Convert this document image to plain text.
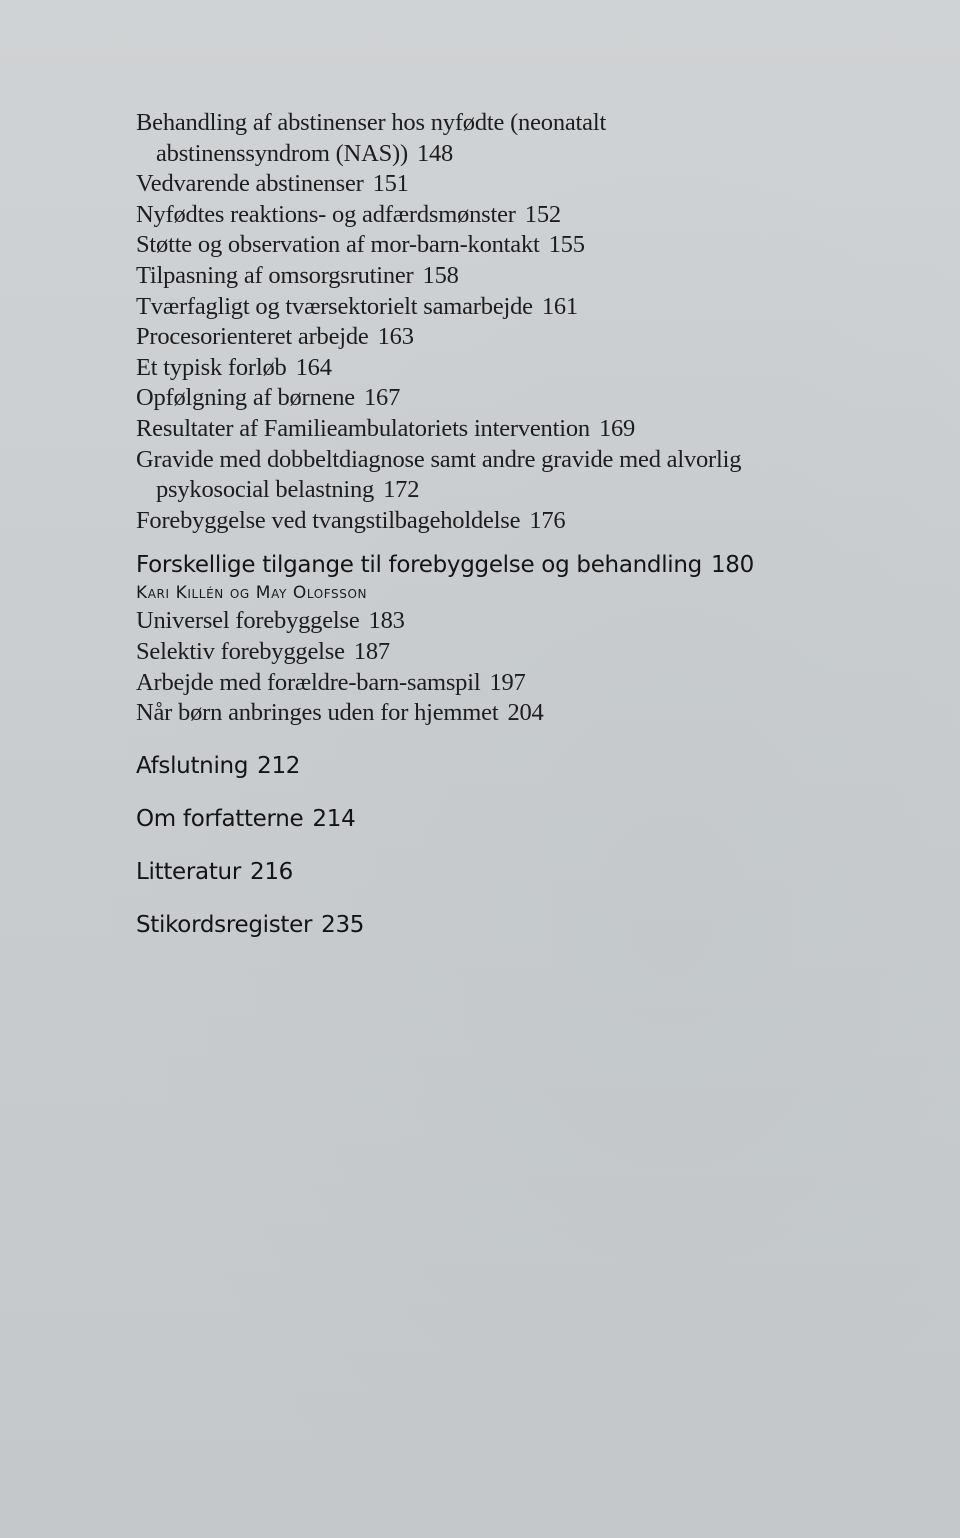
Behandling af abstinenser hos nyfødte (neonatalt
abstinenssyndrom (NAS)) 148
Vedvarende abstinenser 151
Nyfødtes reaktions- og adfærdsmønster 152
Støtte og observation af mor-barn-kontakt 155
Tilpasning af omsorgsrutiner 158
Tværfagligt og tværsektorielt samarbejde 161
Procesorienteret arbejde 163
Et typisk forløb 164
Opfølgning af børnene 167
Resultater af Familieambulatoriets intervention 169
Gravide med dobbeltdiagnose samt andre gravide med alvorlig
psykosocial belastning 172
Forebyggelse ved tvangstilbageholdelse 176
Forskellige tilgange til forebyggelse og behandling 180
Kari Killén og May Olofsson
Universel forebyggelse 183
Selektiv forebyggelse 187
Arbejde med forældre-barn-samspil 197
Når børn anbringes uden for hjemmet 204
Afslutning 212
Om forfatterne 214
Litteratur 216
Stikordsregister 235
